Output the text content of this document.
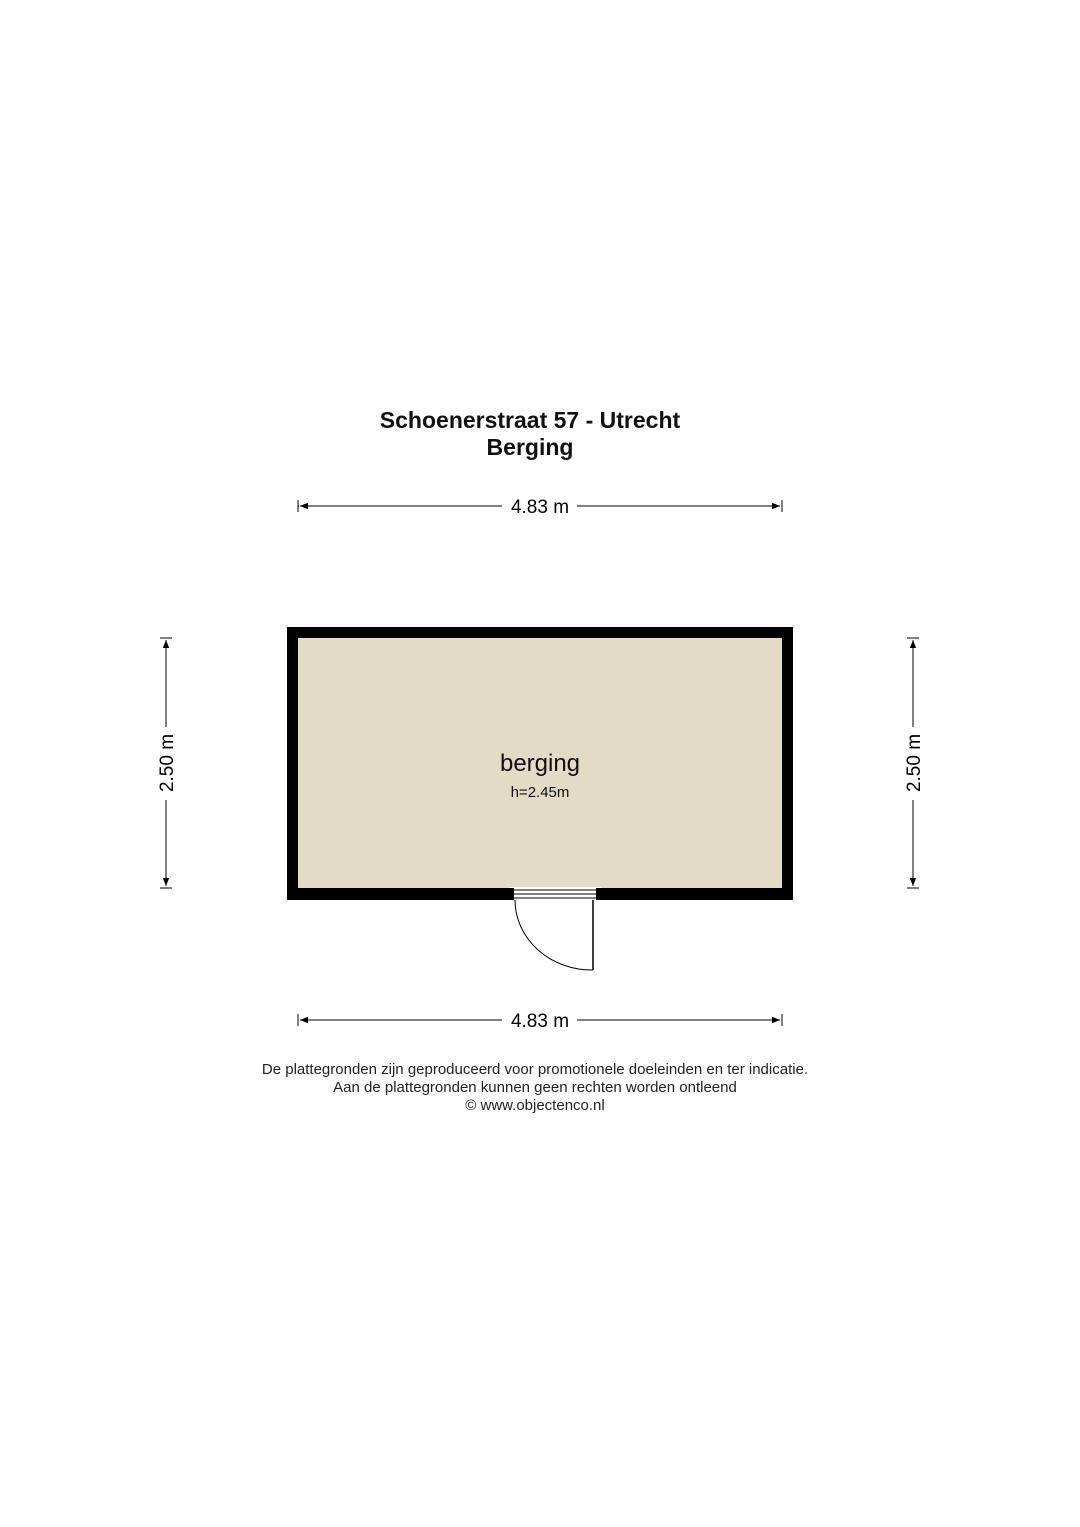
Schoenerstraat 57 - Utrecht
Berging
4.83 m
4.83 m
2.50 m	2.50 m
berging
h=2.45m
De plattegronden zijn geproduceerd voor promotionele doeleinden en ter indicatie.
Aan de plattegronden kunnen geen rechten worden ontleend
© www.objectenco.nl
